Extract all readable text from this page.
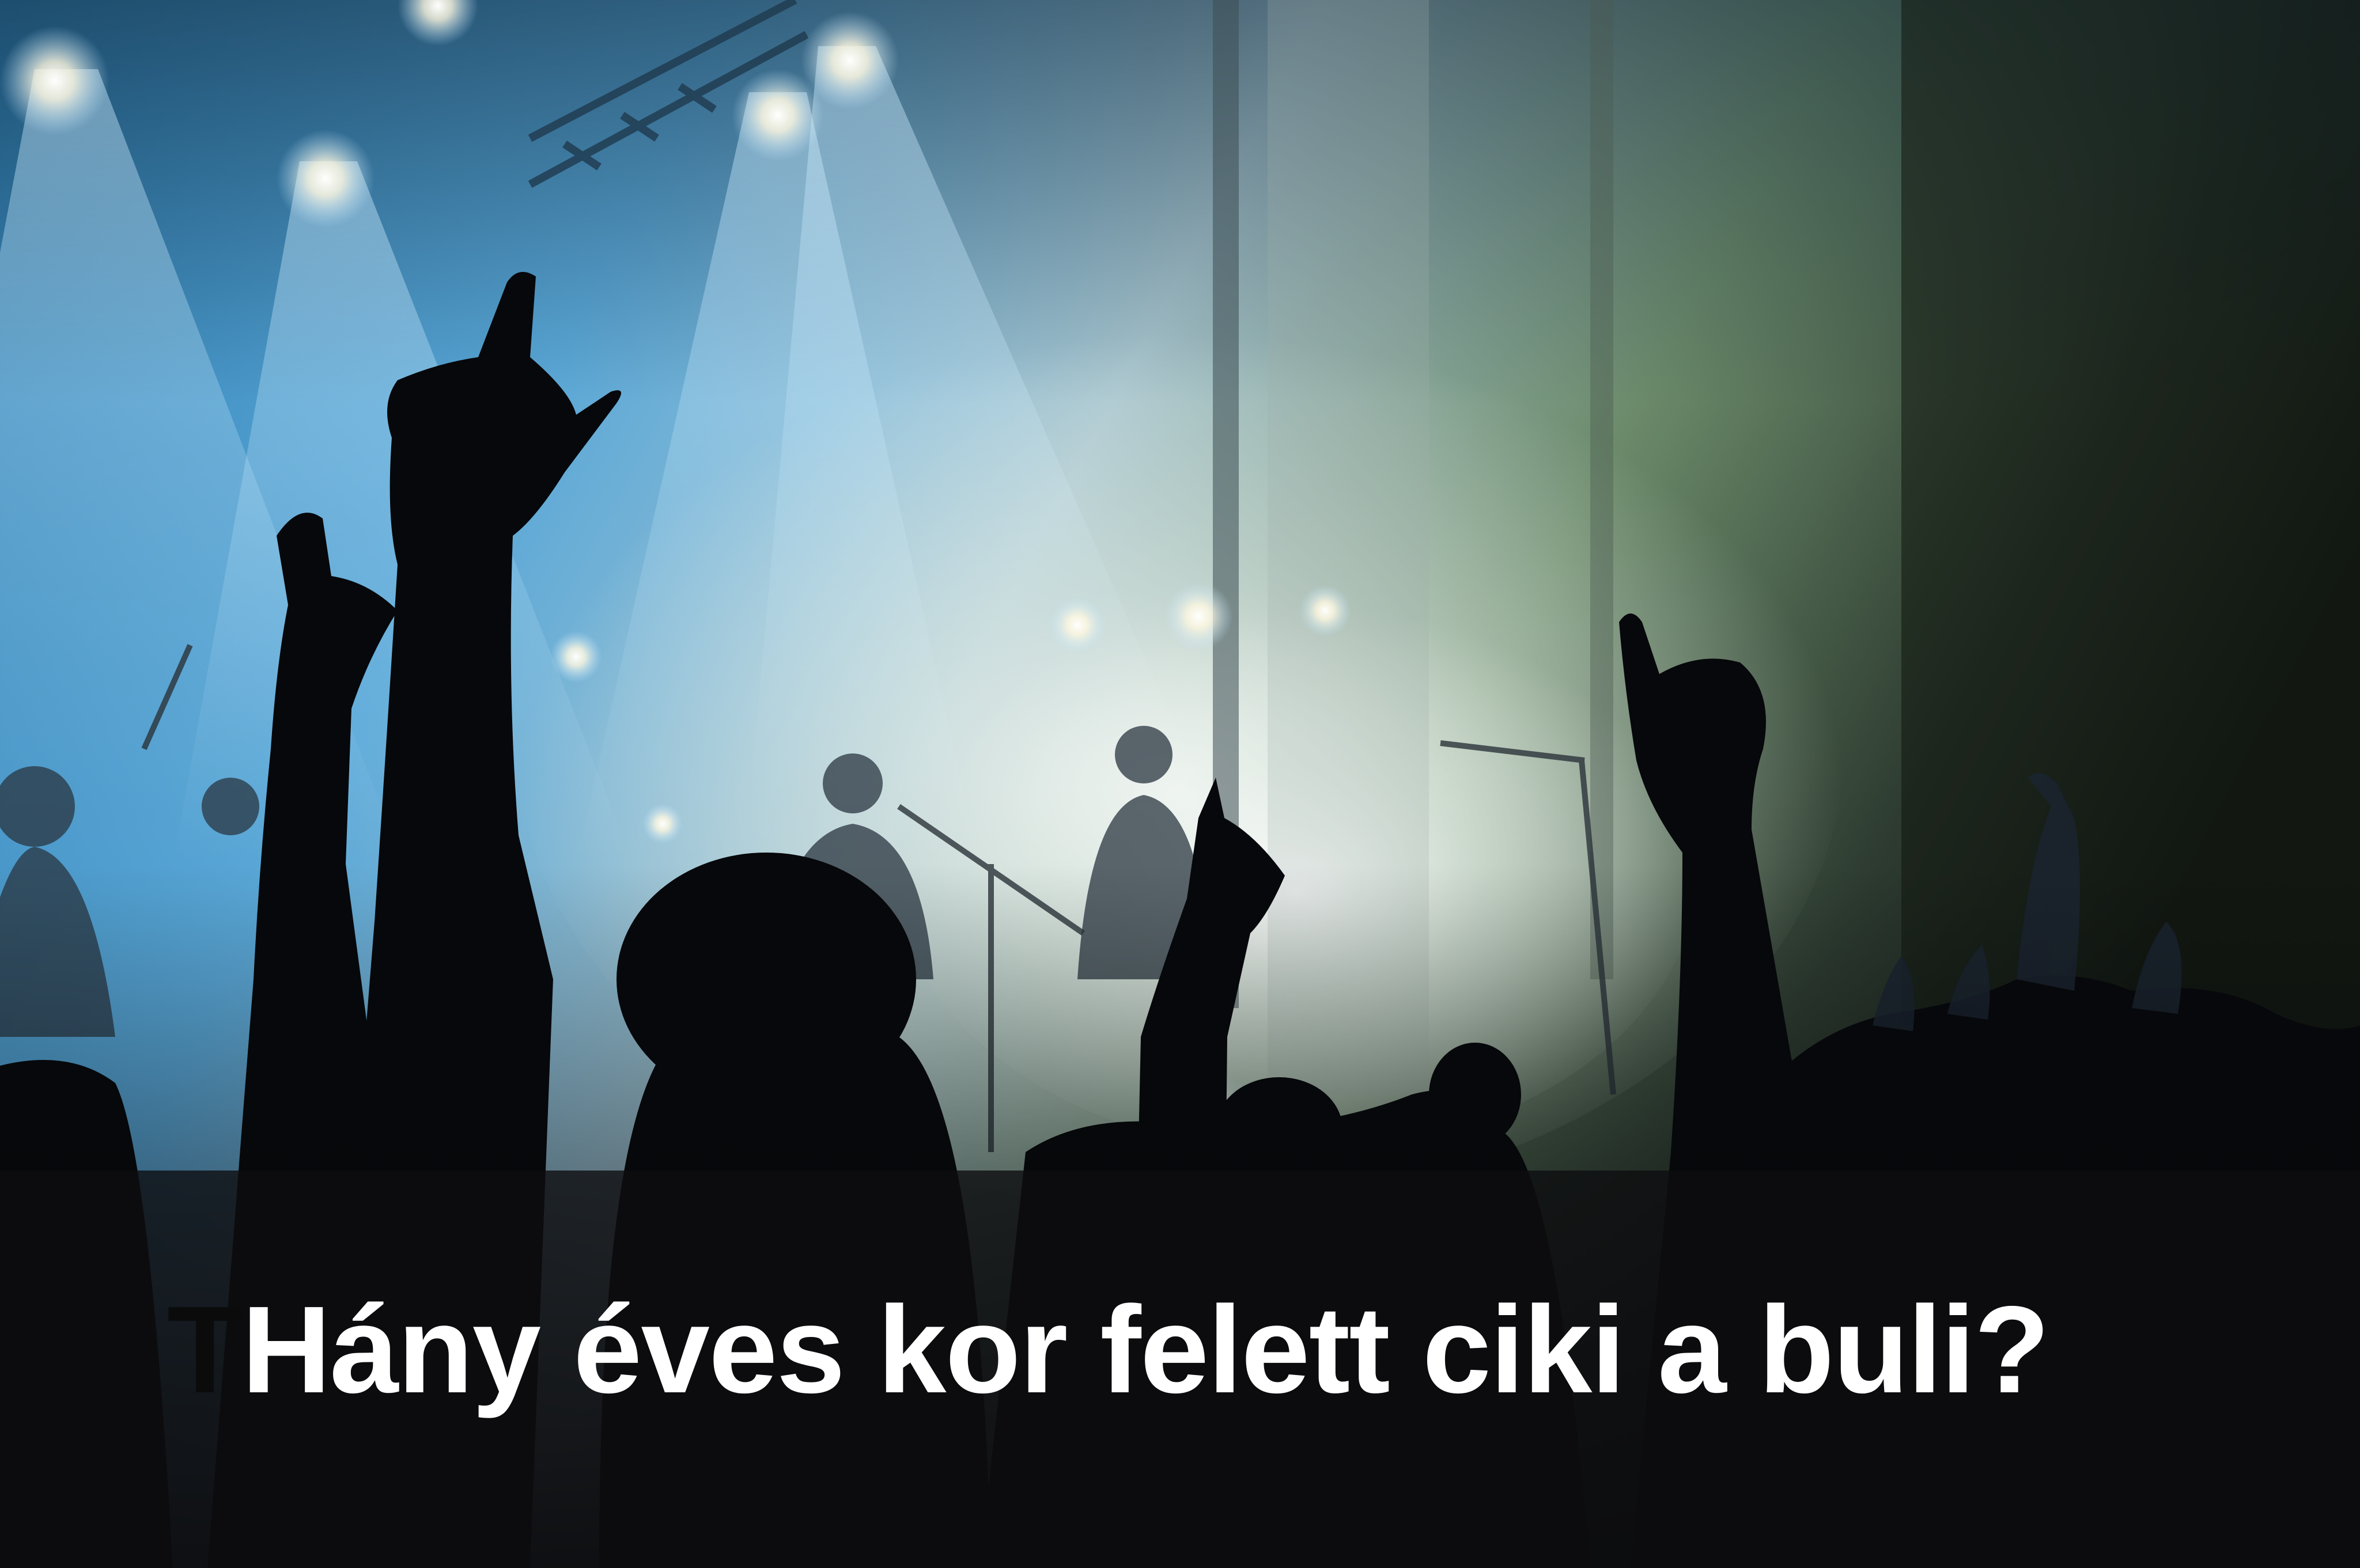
THány éves kor felett ciki a buli?
